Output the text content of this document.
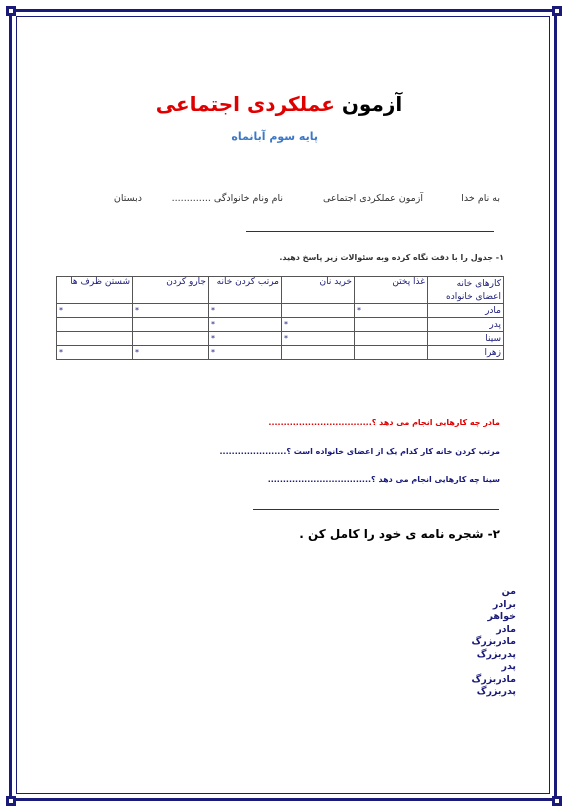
آزمون عملکردی اجتماعی
پایه سوم آبانماه
به نام خدا
آزمون عملکردی اجتماعی
نام ونام خانوادگی .............
دبستان
۱- جدول را با دقت نگاه کرده وبه سئوالات زیر پاسخ دهید.
کارهای خانه	غذا پختن	خرید نان	مرتب کردن خانه	جارو کردن	شستن ظرف ها
اعضای خانواده					
مادر	*		*	*	*
پدر		*	*		
سینا		*	*		
زهرا			*	*	*
مادر چه کارهایی انجام می دهد ؟..................................
مرتب کردن خانه کار کدام یک از اعضای خانواده است ؟......................
سینا چه کارهایی انجام می دهد ؟..................................
۲- شجره نامه ی خود را کامل کن .
من
برادر
خواهر
مادر
مادربزرگ
پدربزرگ
پدر
مادربزرگ
پدربزرگ
